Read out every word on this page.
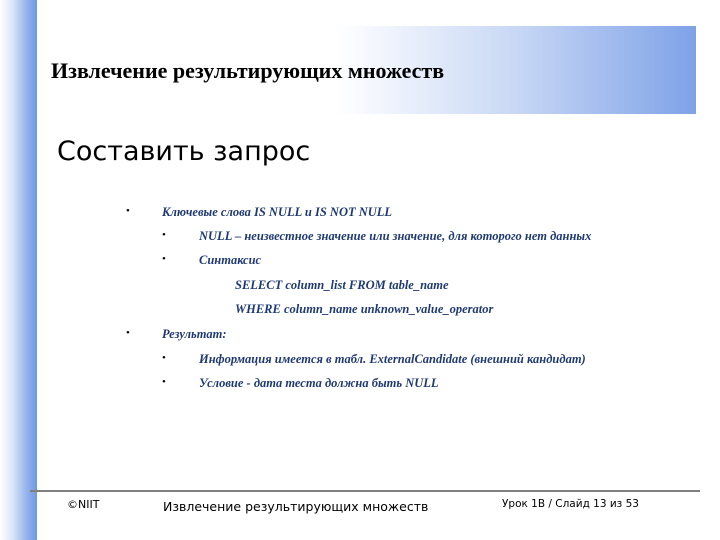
Извлечение результирующих множеств
Составить запрос
•	Ключевые слова IS NULL и IS NOT NULL
•	NULL – неизвестное значение или значение, для которого нет данных
•	Синтаксис
SELECT column_list FROM table_name
WHERE column_name unknown_value_operator
•	Результат:
•	Информация имеется в табл. ExternalCandidate (внешний кандидат)
•	Условие - дата теста должна быть NULL
©NIIT	Извлечение результирующих множеств	Урок 1B / Слайд 13 из 53
